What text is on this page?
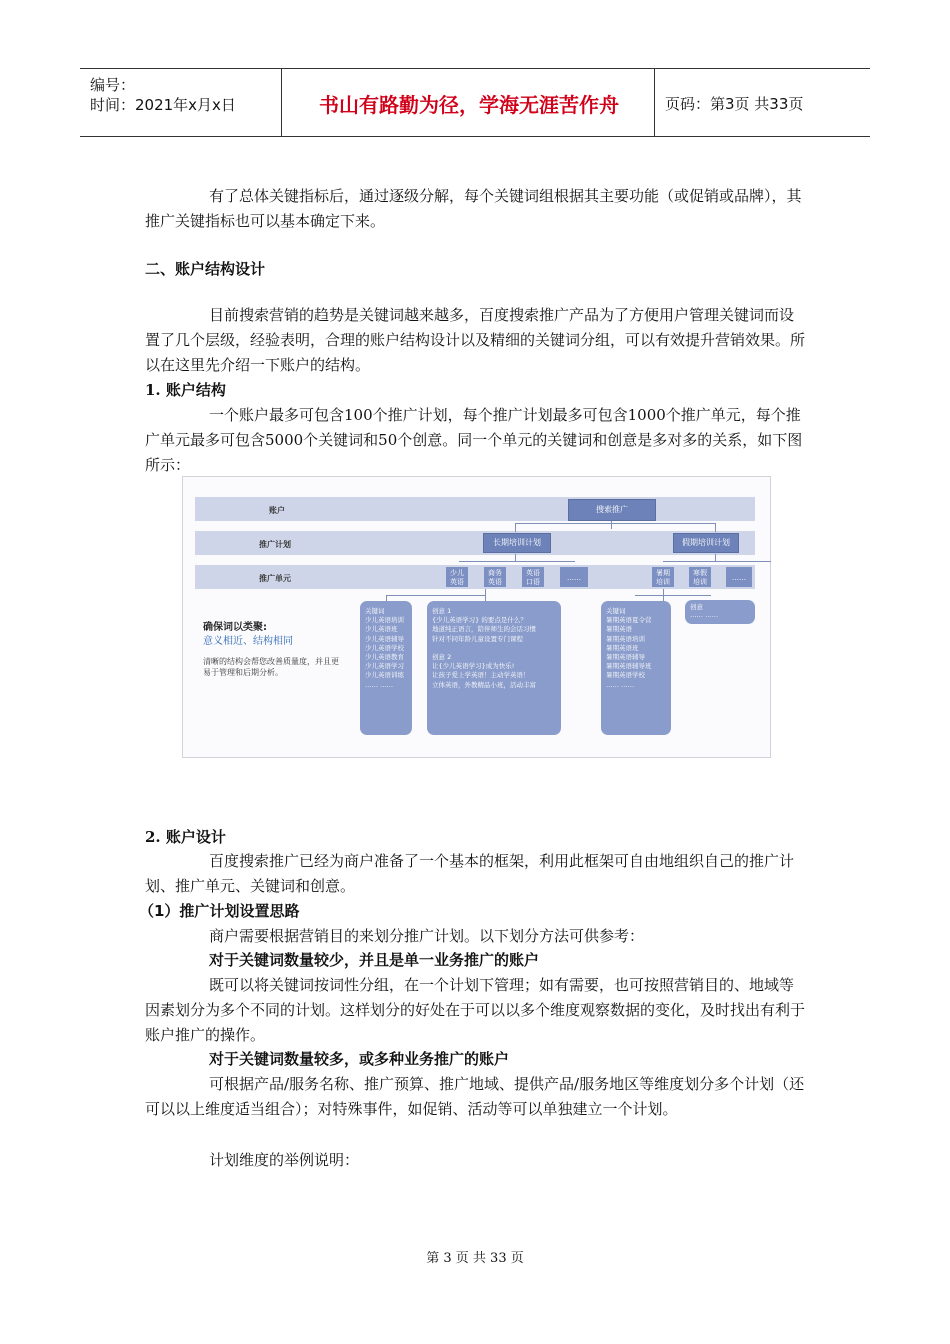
编号：
时间：2021年x月x日	书山有路勤为径，学海无涯苦作舟	页码：第3页 共33页
有了总体关键指标后，通过逐级分解，每个关键词组根据其主要功能（或促销或品牌），其推广关键指标也可以基本确定下来。
二、账户结构设计
目前搜索营销的趋势是关键词越来越多，百度搜索推广产品为了方便用户管理关键词而设置了几个层级，经验表明，合理的账户结构设计以及精细的关键词分组，可以有效提升营销效果。所以在这里先介绍一下账户的结构。
1. 账户结构
一个账户最多可包含100个推广计划，每个推广计划最多可包含1000个推广单元，每个推广单元最多可包含5000个关键词和50个创意。同一个单元的关键词和创意是多对多的关系，如下图所示：
账户
推广计划
推广单元
搜索推广
长期培训计划	假期培训计划
少儿
英语
商务
英语
英语
口语	……
暑期
培训
寒假
培训	……
确保词以类聚:
意义相近、结构相同
清晰的结构会帮您改善质量度，并且更易于管理和后期分析。
关键词
少儿英语培训
少儿英语班
少儿英语辅导
少儿英语学校
少儿英语教育
少儿英语学习
少儿英语训练
…… ……
创意 1
{少儿英语学习} 的要点是什么？
地道纯正语言，陪伴师生的会话习惯
针对不同年龄儿童设置专门课程

创意 2
让{少儿英语学习}成为快乐!
让孩子爱上学英语！主动学英语！
立体英语，外教精品小班，活动丰富
关键词
暑期英语夏令营
暑期英语
暑期英语培训
暑期英语班
暑期英语辅导
暑期英语辅导班
暑期英语学校
…… ……
创意
…… ……
2. 账户设计
百度搜索推广已经为商户准备了一个基本的框架，利用此框架可自由地组织自己的推广计划、推广单元、关键词和创意。
（1）推广计划设置思路
商户需要根据营销目的来划分推广计划。以下划分方法可供参考：
对于关键词数量较少，并且是单一业务推广的账户
既可以将关键词按词性分组，在一个计划下管理；如有需要，也可按照营销目的、地域等因素划分为多个不同的计划。这样划分的好处在于可以以多个维度观察数据的变化，及时找出有利于账户推广的操作。
对于关键词数量较多，或多种业务推广的账户
可根据产品/服务名称、推广预算、推广地域、提供产品/服务地区等维度划分多个计划（还可以以上维度适当组合）；对特殊事件，如促销、活动等可以单独建立一个计划。
计划维度的举例说明：
第 3 页 共 33 页
